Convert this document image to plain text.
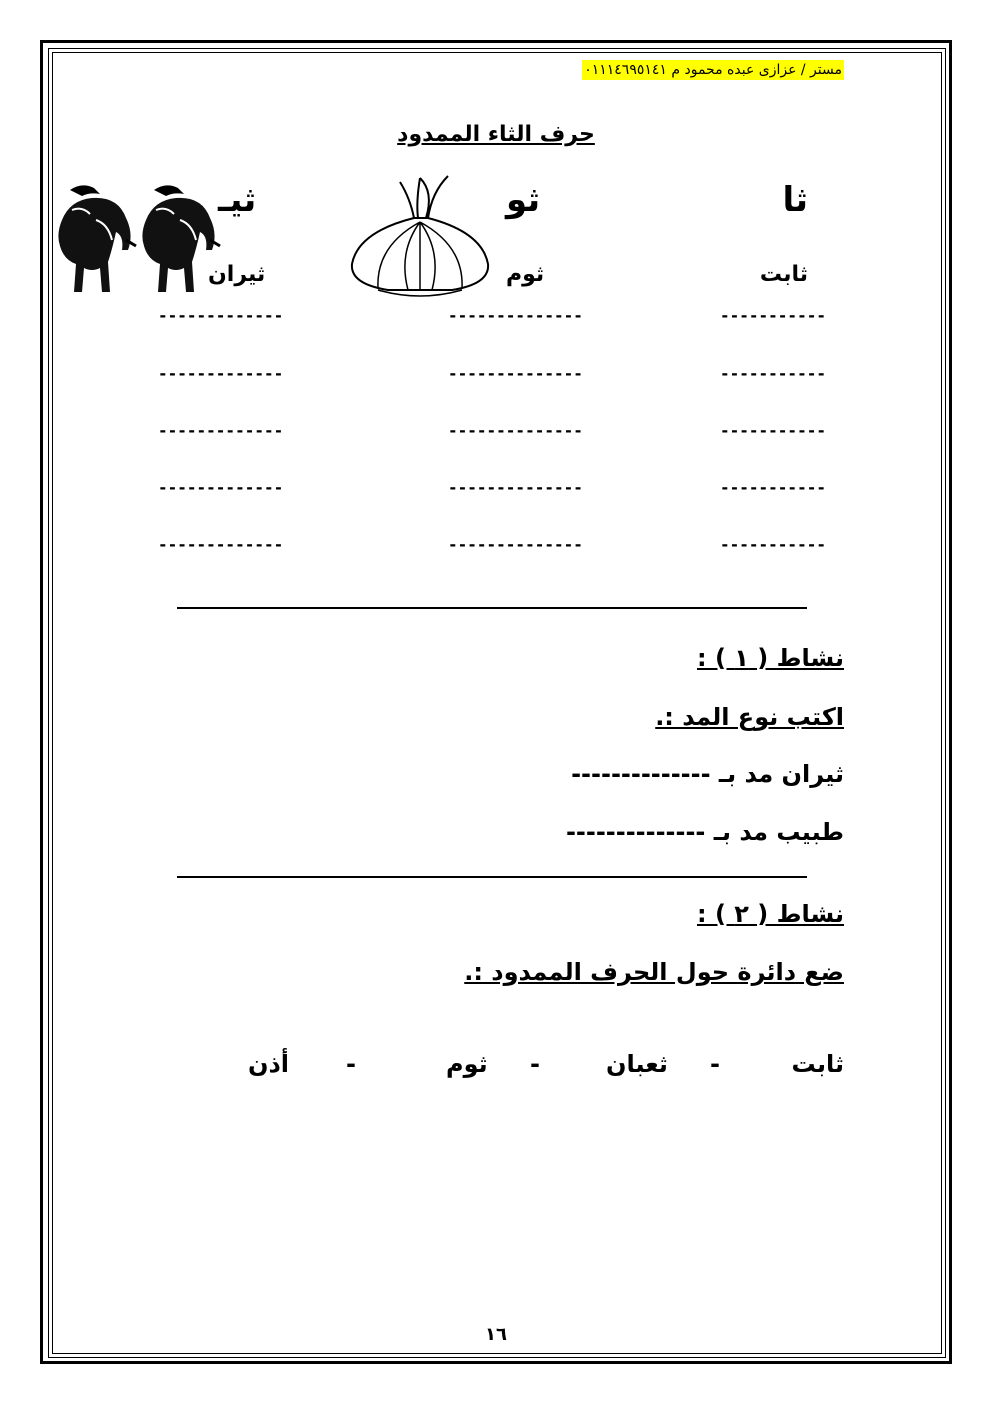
مستر / عزازى عبده محمود م ٠١١١٤٦٩٥١٤١
حرف الثاء الممدود
ثا
ثو
ثيـ
ثابت
ثوم
ثيران
-----------
--------------
-------------
-----------
--------------
-------------
-----------
--------------
-------------
-----------
--------------
-------------
-----------
--------------
-------------
نشاط ( ١ ) :
اكتب نوع المد :.
ثيران مد بـ --------------
طبيب مد بـ --------------
نشاط ( ٢ ) :
ضع دائرة حول الحرف الممدود :.
ثابت
-
ثعبان
-
ثوم
-
أذن
١٦
